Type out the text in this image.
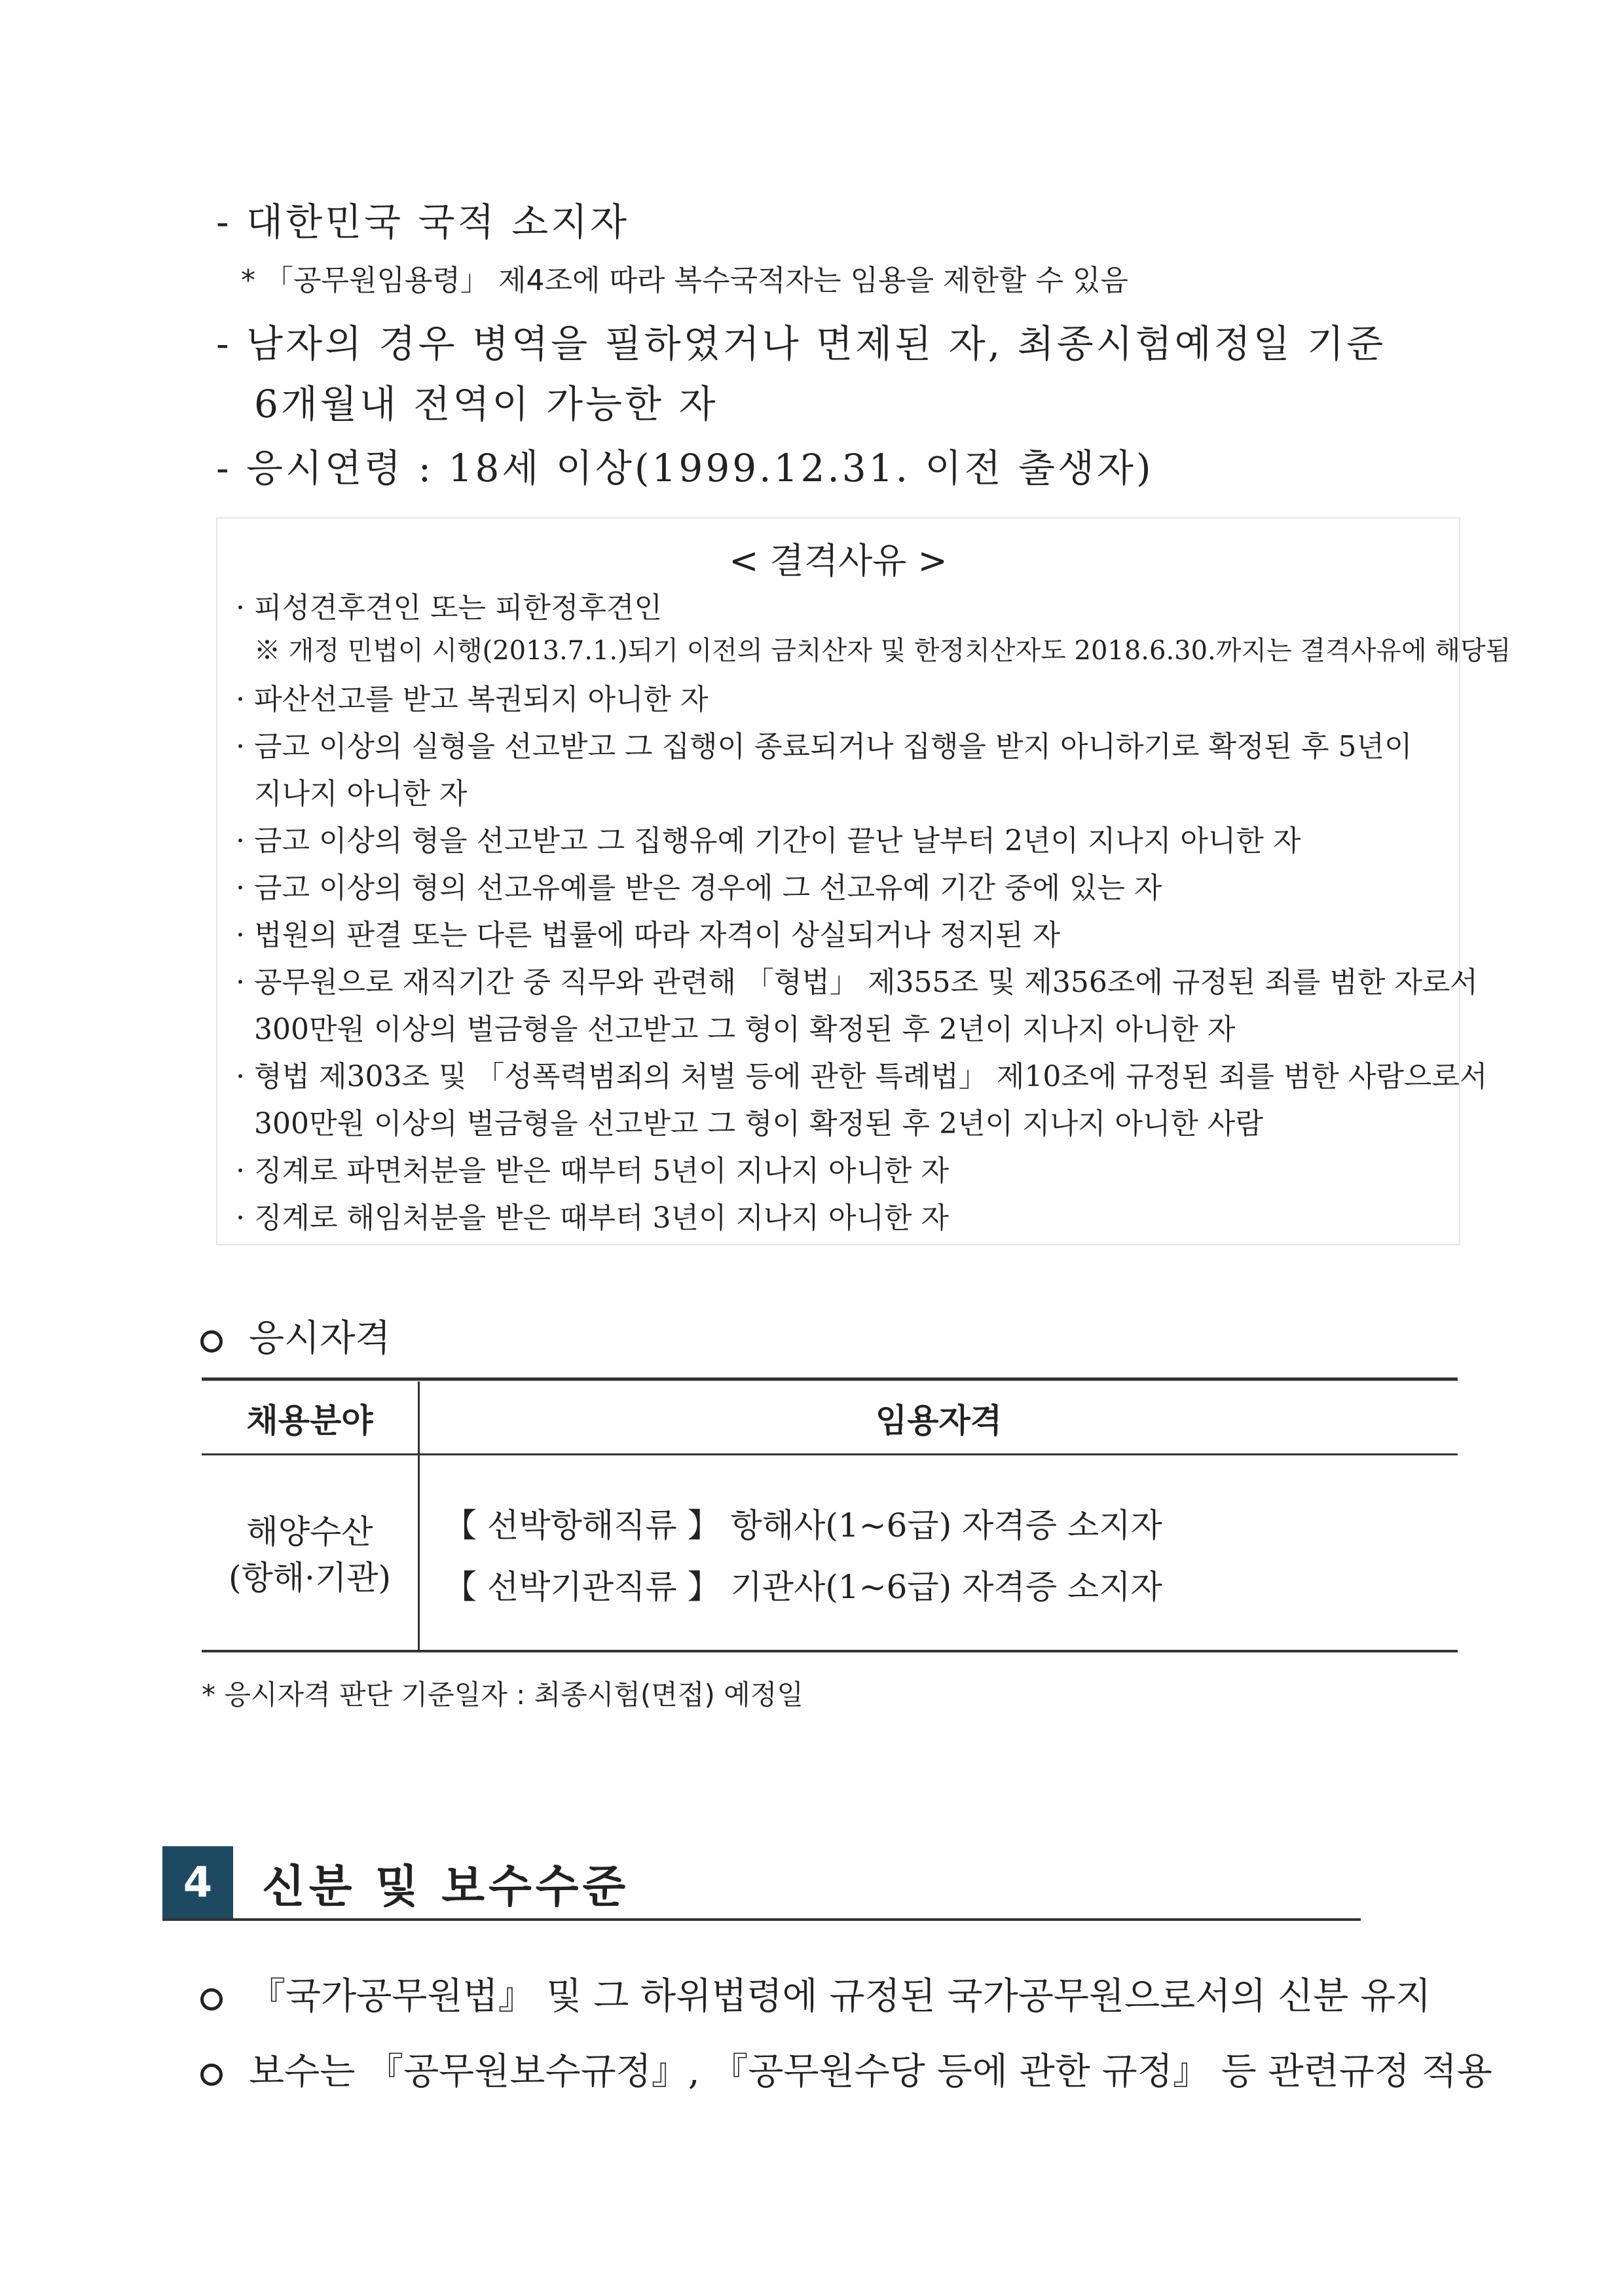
- 대한민국 국적 소지자
* 「공무원임용령」 제4조에 따라 복수국적자는 임용을 제한할 수 있음
- 남자의 경우 병역을 필하였거나 면제된 자, 최종시험예정일 기준
6개월내 전역이 가능한 자
- 응시연령 : 18세 이상(1999.12.31. 이전 출생자)
< 결격사유 >
· 피성견후견인 또는 피한정후견인
※ 개정 민법이 시행(2013.7.1.)되기 이전의 금치산자 및 한정치산자도 2018.6.30.까지는 결격사유에 해당됨
· 파산선고를 받고 복권되지 아니한 자
· 금고 이상의 실형을 선고받고 그 집행이 종료되거나 집행을 받지 아니하기로 확정된 후 5년이
지나지 아니한 자
· 금고 이상의 형을 선고받고 그 집행유예 기간이 끝난 날부터 2년이 지나지 아니한 자
· 금고 이상의 형의 선고유예를 받은 경우에 그 선고유예 기간 중에 있는 자
· 법원의 판결 또는 다른 법률에 따라 자격이 상실되거나 정지된 자
· 공무원으로 재직기간 중 직무와 관련해 「형법」 제355조 및 제356조에 규정된 죄를 범한 자로서
300만원 이상의 벌금형을 선고받고 그 형이 확정된 후 2년이 지나지 아니한 자
· 형법 제303조 및 「성폭력범죄의 처벌 등에 관한 특례법」 제10조에 규정된 죄를 범한 사람으로서
300만원 이상의 벌금형을 선고받고 그 형이 확정된 후 2년이 지나지 아니한 사람
· 징계로 파면처분을 받은 때부터 5년이 지나지 아니한 자
· 징계로 해임처분을 받은 때부터 3년이 지나지 아니한 자
응시자격
채용분야	임용자격
해양수산
(항해·기관)
【 선박항해직류 】 항해사(1~6급) 자격증 소지자
【 선박기관직류 】 기관사(1~6급) 자격증 소지자
* 응시자격 판단 기준일자 : 최종시험(면접) 예정일
4	신분 및 보수수준
『국가공무원법』 및 그 하위법령에 규정된 국가공무원으로서의 신분 유지
보수는 『공무원보수규정』, 『공무원수당 등에 관한 규정』 등 관련규정 적용
